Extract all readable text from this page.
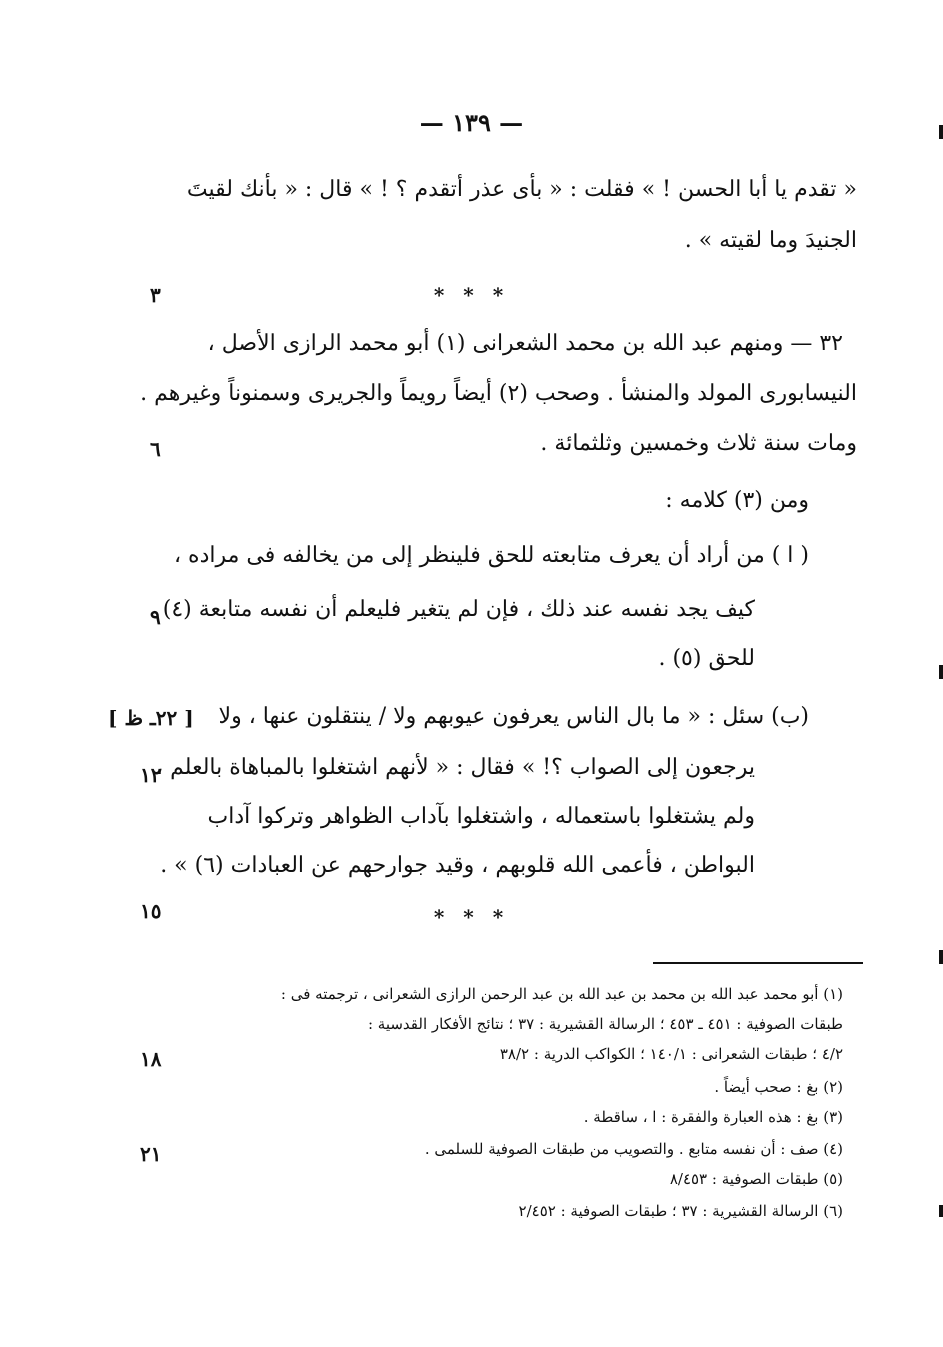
— ١٣٩ —
« تقدم يا أبا الحسن ! » فقلت : « بأى عذر أتقدم ؟ ! » قال : « بأنك لقيتَ
الجنيدَ وما لقيته » .
* * *
٣
٣٢ — ومنهم عبد الله بن محمد الشعرانى (١) أبو محمد الرازى الأصل ،
النيسابورى المولد والمنشأ . وصحب (٢) أيضاً رويماً والجريرى وسمنوناً وغيرهم .
ومات سنة ثلاث وخمسين وثلثمائة .
٦
ومن (٣) كلامه :
( ا ) من أراد أن يعرف متابعته للحق فلينظر إلى من يخالفه فى مراده ،
كيف يجد نفسه عند ذلك ، فإن لم يتغير فليعلم أن نفسه متابعة (٤)
٩
للحق (٥) .
(ب) سئل : « ما بال الناس يعرفون عيوبهم ولا / ينتقلون عنها ، ولا
[ ٢٢ـ ظ ]
يرجعون إلى الصواب ؟! » فقال : « لأنهم اشتغلوا بالمباهاة بالعلم ،
١٢
ولم يشتغلوا باستعماله ، واشتغلوا بآداب الظواهر وتركوا آداب
البواطن ، فأعمى الله قلوبهم ، وقيد جوارحهم عن العبادات (٦) » .
* * *
١٥
(١) أبو محمد عبد الله بن محمد بن عبد الله بن عبد الرحمن الرازى الشعرانى ، ترجمته فى :
طبقات الصوفية : ٤٥١ ـ ٤٥٣ ؛ الرسالة القشيرية : ٣٧ ؛ نتائج الأفكار القدسية :
٤/٢ ؛ طبقات الشعرانى : ١٤٠/١ ؛ الكواكب الدرية : ٣٨/٢
١٨
(٢) بغ : صحب أيضاً .
(٣) بغ : هذه العبارة والفقرة : ا ، ساقطة .
(٤) صف : أن نفسه متابع . والتصويب من طبقات الصوفية للسلمى .
٢١
(٥) طبقات الصوفية : ٨/٤٥٣
(٦) الرسالة القشيرية : ٣٧ ؛ طبقات الصوفية : ٢/٤٥٢
